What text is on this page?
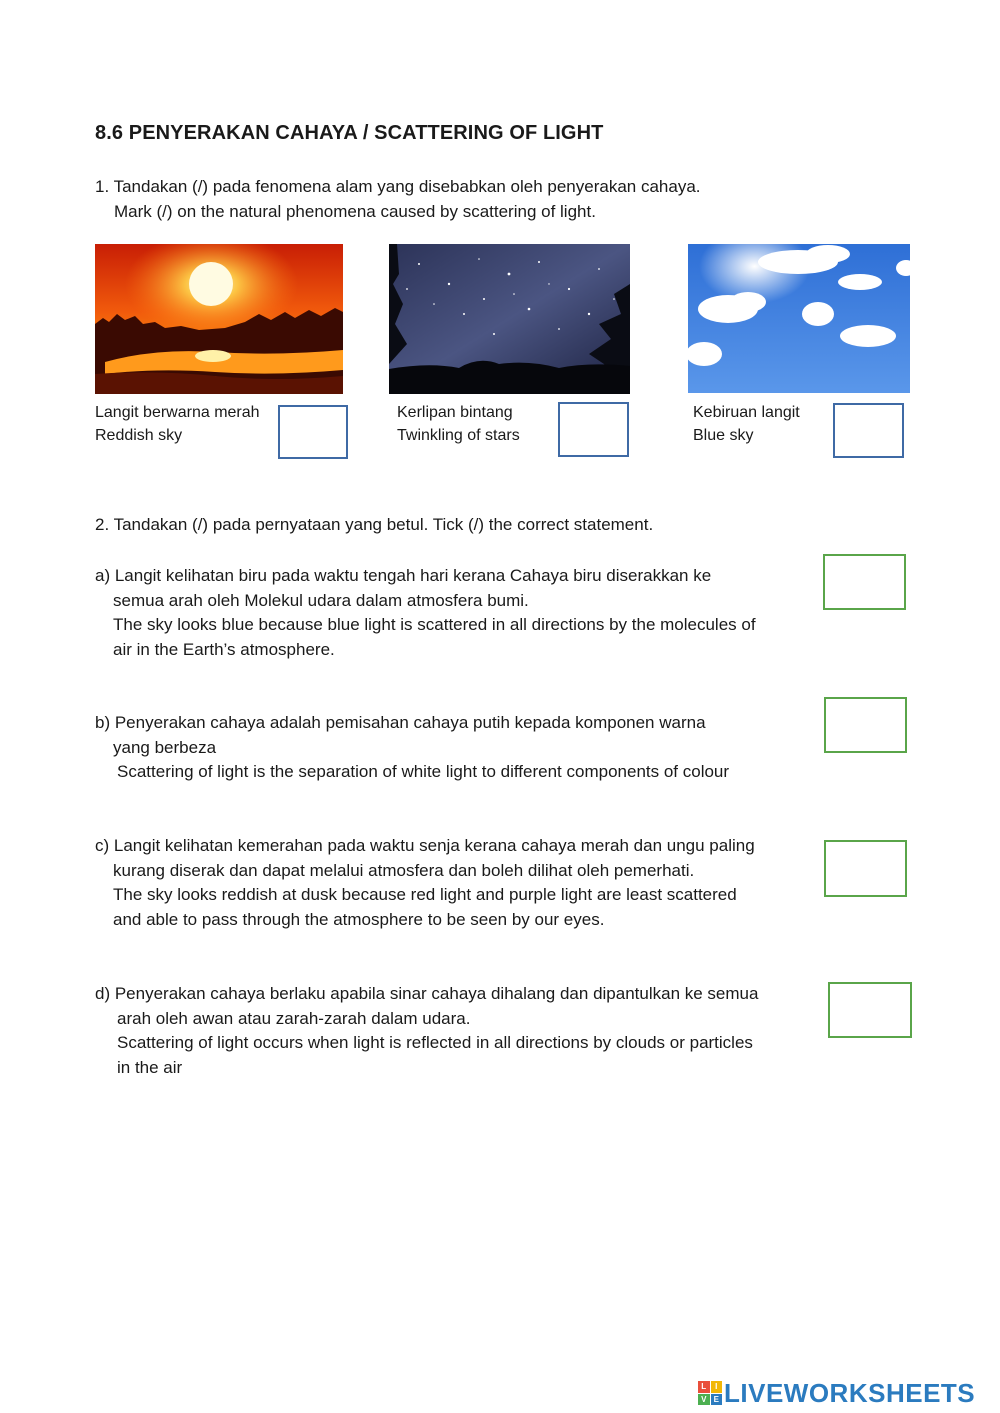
8.6 PENYERAKAN CAHAYA / SCATTERING OF LIGHT
1. Tandakan (/) pada fenomena alam yang disebabkan oleh penyerakan cahaya.
Mark (/) on the natural phenomena caused by scattering of light.
Langit berwarna merah
Reddish sky
Kerlipan bintang
Twinkling of stars
Kebiruan langit
Blue sky
2. Tandakan (/) pada pernyataan yang betul. Tick (/) the correct statement.
a) Langit kelihatan biru pada waktu tengah hari kerana Cahaya biru diserakkan ke
semua arah oleh Molekul udara dalam atmosfera bumi.
The sky looks blue because blue light is scattered in all directions by the molecules of
air in the Earth’s atmosphere.
b) Penyerakan cahaya adalah pemisahan cahaya putih kepada komponen warna
yang berbeza
Scattering of light is the separation of white light to different components of colour
c) Langit kelihatan kemerahan pada waktu senja kerana cahaya merah dan ungu paling
kurang diserak dan dapat melalui atmosfera dan boleh dilihat oleh pemerhati.
The sky looks reddish at dusk because red light and purple light are least scattered
and able to pass through the atmosphere to be seen by our eyes.
d) Penyerakan cahaya berlaku apabila sinar cahaya dihalang dan dipantulkan ke semua
arah oleh awan atau zarah-zarah dalam udara.
Scattering of light occurs when light is reflected in all directions by clouds or particles
in the air
L	I
V E LIVEWORKSHEETS
